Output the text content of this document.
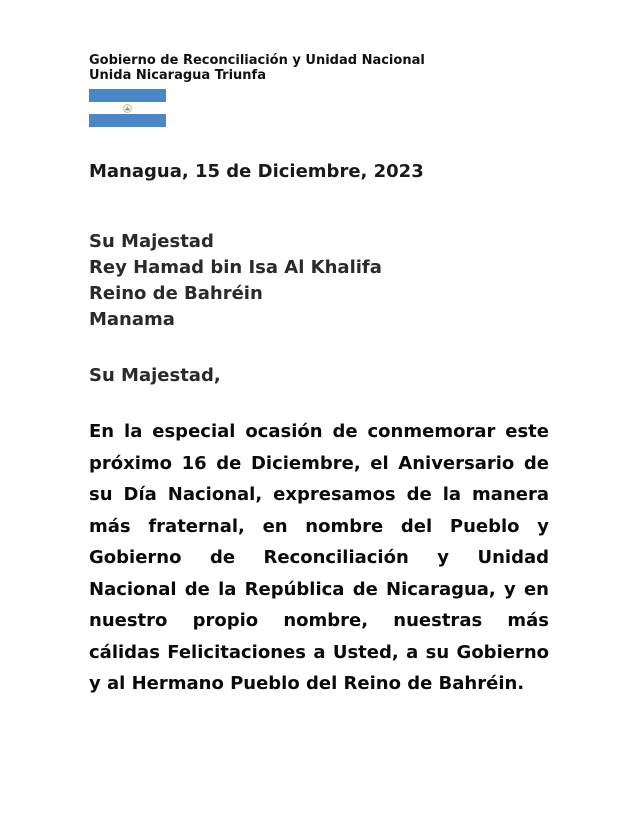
Gobierno de Reconciliación y Unidad Nacional
Unida Nicaragua Triunfa
Managua, 15 de Diciembre, 2023
Su Majestad
Rey Hamad bin Isa Al Khalifa
Reino de Bahréin
Manama
Su Majestad,
En la especial ocasión de conmemorar este próximo 16 de Diciembre, el Aniversario de su Día Nacional, expresamos de la manera más fraternal, en nombre del Pueblo y Gobierno de Reconciliación y Unidad Nacional de la República de Nicaragua, y en nuestro propio nombre, nuestras más cálidas Felicitaciones a Usted, a su Gobierno y al Hermano Pueblo del Reino de Bahréin.
